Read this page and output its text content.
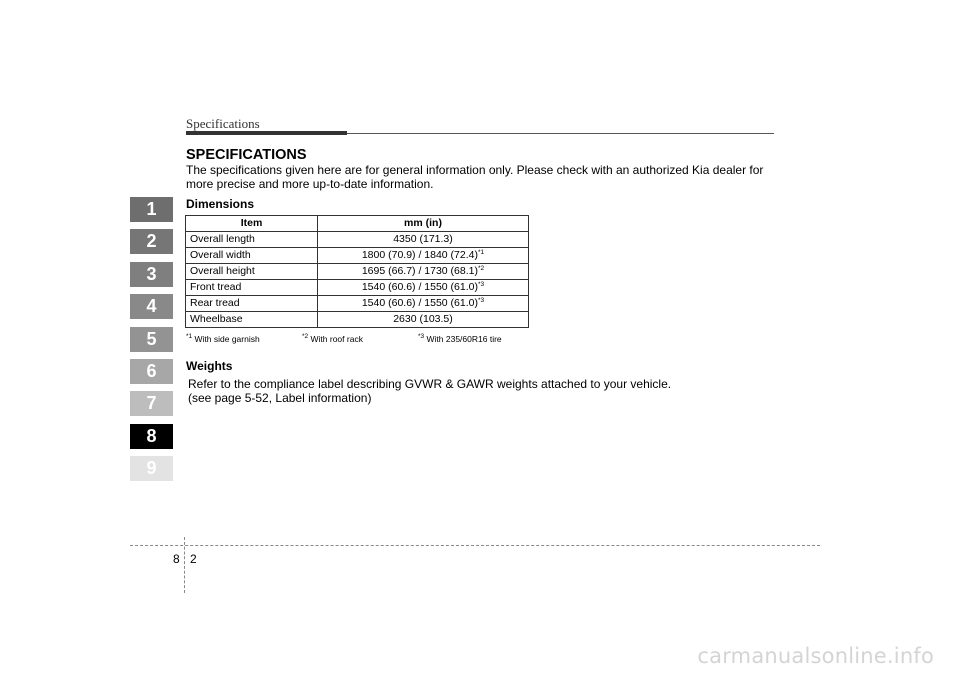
Specifications
1
2
3
4
5
6
7
8
9
SPECIFICATIONS
The specifications given here are for general information only. Please check with an authorized Kia dealer for more precise and more up-to-date information.
Dimensions
Item	mm (in)
Overall length	4350 (171.3)
Overall width	1800 (70.9) / 1840 $(72.4)^{*1}$
Overall height	1695 (66.7) / 1730 $(68.1)^{*2}$
Front tread	1540 (60.6) / 1550 $(61.0)^{*3}$
Rear tread	1540 (60.6) / 1550 $(61.0)^{*3}$
Wheelbase	2630 (103.5)
$^{*1}$ With side garnish	$^{*2}$ With roof rack	$^{*3}$ With 235/60R16 tire
Weights
Refer to the compliance label describing GVWR & GAWR weights attached to your vehicle.
(see page 5-52, Label information)
8 2
carmanualsonline.info
